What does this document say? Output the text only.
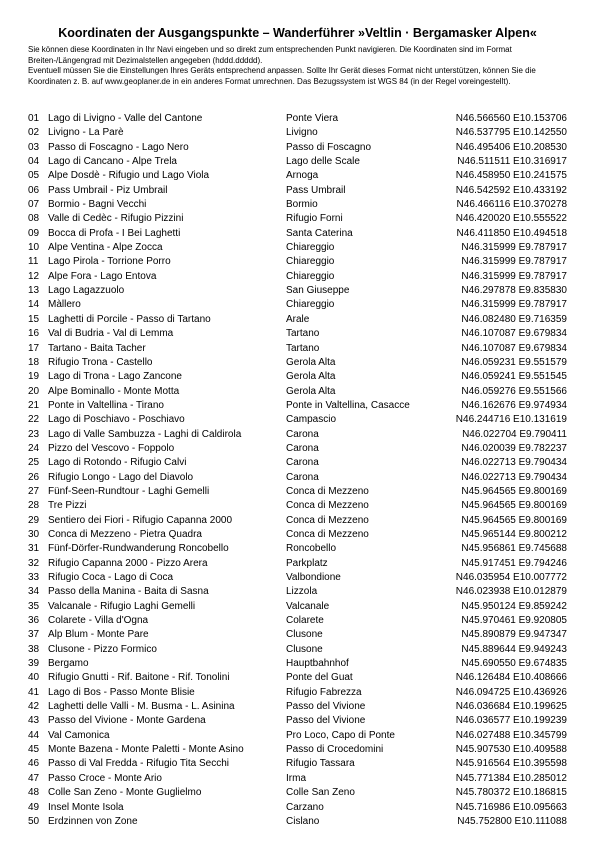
Koordinaten der Ausgangspunkte – Wanderführer »Veltlin · Bergamasker Alpen«

Sie können diese Koordinaten in Ihr Navi eingeben und so direkt zum entsprechenden Punkt navigieren. Die Koordinaten sind im Format Breiten-/Längengrad mit Dezimalstellen angegeben (hddd.ddddd).

Eventuell müssen Sie die Einstellungen Ihres Geräts entsprechend anpassen. Sollte Ihr Gerät dieses Format nicht unterstützen, können Sie die Koordinaten z. B. auf www.geoplaner.de in ein anderes Format umrechnen. Das Bezugssystem ist WGS 84 (in der Regel voreingestellt).

01 Lago di Livigno - Valle del Cantone	Ponte Viera	N46.566560 E10.153706
02 Livigno - La Parè	Livigno	N46.537795 E10.142550
03 Passo di Foscagno - Lago Nero	Passo di Foscagno	N46.495406 E10.208530
04 Lago di Cancano - Alpe Trela	Lago delle Scale	N46.511511 E10.316917
05 Alpe Dosdè - Rifugio und Lago Viola	Arnoga	N46.458950 E10.241575
06 Pass Umbrail - Piz Umbrail	Pass Umbrail	N46.542592 E10.433192
07 Bormio - Bagni Vecchi	Bormio	N46.466116 E10.370278
08 Valle di Cedèc - Rifugio Pizzini	Rifugio Forni	N46.420020 E10.555522
09 Bocca di Profa - I Bei Laghetti	Santa Caterina	N46.411850 E10.494518
10 Alpe Ventina - Alpe Zocca	Chiareggio	N46.315999 E9.787917
11 Lago Pirola - Torrione Porro	Chiareggio	N46.315999 E9.787917
12 Alpe Fora - Lago Entova	Chiareggio	N46.315999 E9.787917
13 Lago Lagazzuolo	San Giuseppe	N46.297878 E9.835830
14 Màllero	Chiareggio	N46.315999 E9.787917
15 Laghetti di Porcile - Passo di Tartano	Arale	N46.082480 E9.716359
16 Val di Budria - Val di Lemma	Tartano	N46.107087 E9.679834
17 Tartano - Baita Tacher	Tartano	N46.107087 E9.679834
18 Rifugio Trona - Castello	Gerola Alta	N46.059231 E9.551579
19 Lago di Trona - Lago Zancone	Gerola Alta	N46.059241 E9.551545
20 Alpe Bominallo - Monte Motta	Gerola Alta	N46.059276 E9.551566
21 Ponte in Valtellina - Tirano	Ponte in Valtellina, Casacce	N46.162676 E9.974934
22 Lago di Poschiavo - Poschiavo	Campascio	N46.244716 E10.131619
23 Lago di Valle Sambuzza - Laghi di Caldirola	Carona	N46.022704 E9.790411
24 Pizzo del Vescovo - Foppolo	Carona	N46.020039 E9.782237
25 Lago di Rotondo - Rifugio Calvi	Carona	N46.022713 E9.790434
26 Rifugio Longo - Lago del Diavolo	Carona	N46.022713 E9.790434
27 Fünf-Seen-Rundtour - Laghi Gemelli	Conca di Mezzeno	N45.964565 E9.800169
28 Tre Pizzi	Conca di Mezzeno	N45.964565 E9.800169
29 Sentiero dei Fiori - Rifugio Capanna 2000	Conca di Mezzeno	N45.964565 E9.800169
30 Conca di Mezzeno - Pietra Quadra	Conca di Mezzeno	N45.965144 E9.800212
31 Fünf-Dörfer-Rundwanderung Roncobello	Roncobello	N45.956861 E9.745688
32 Rifugio Capanna 2000 - Pizzo Arera	Parkplatz	N45.917451 E9.794246
33 Rifugio Coca - Lago di Coca	Valbondione	N46.035954 E10.007772
34 Passo della Manina - Baita di Sasna	Lizzola	N46.023938 E10.012879
35 Valcanale - Rifugio Laghi Gemelli	Valcanale	N45.950124 E9.859242
36 Colarete - Villa d'Ogna	Colarete	N45.970461 E9.920805
37 Alp Blum - Monte Pare	Clusone	N45.890879 E9.947347
38 Clusone - Pizzo Formico	Clusone	N45.889644 E9.949243
39 Bergamo	Hauptbahnhof	N45.690550 E9.674835
40 Rifugio Gnutti - Rif. Baitone - Rif. Tonolini	Ponte del Guat	N46.126484 E10.408666
41 Lago di Bos - Passo Monte Blisie	Rifugio Fabrezza	N46.094725 E10.436926
42 Laghetti delle Valli - M. Busma - L. Asinina	Passo del Vivione	N46.036684 E10.199625
43 Passo del Vivione - Monte Gardena	Passo del Vivione	N46.036577 E10.199239
44 Val Camonica	Pro Loco, Capo di Ponte	N46.027488 E10.345799
45 Monte Bazena - Monte Paletti - Monte Asino	Passo di Crocedomini	N45.907530 E10.409588
46 Passo di Val Fredda - Rifugio Tita Secchi	Rifugio Tassara	N45.916564 E10.395598
47 Passo Croce - Monte Ario	Irma	N45.771384 E10.285012
48 Colle San Zeno - Monte Guglielmo	Colle San Zeno	N45.780372 E10.186815
49 Insel Monte Isola	Carzano	N45.716986 E10.095663
50 Erdzinnen von Zone	Cislano	N45.752800 E10.111088
